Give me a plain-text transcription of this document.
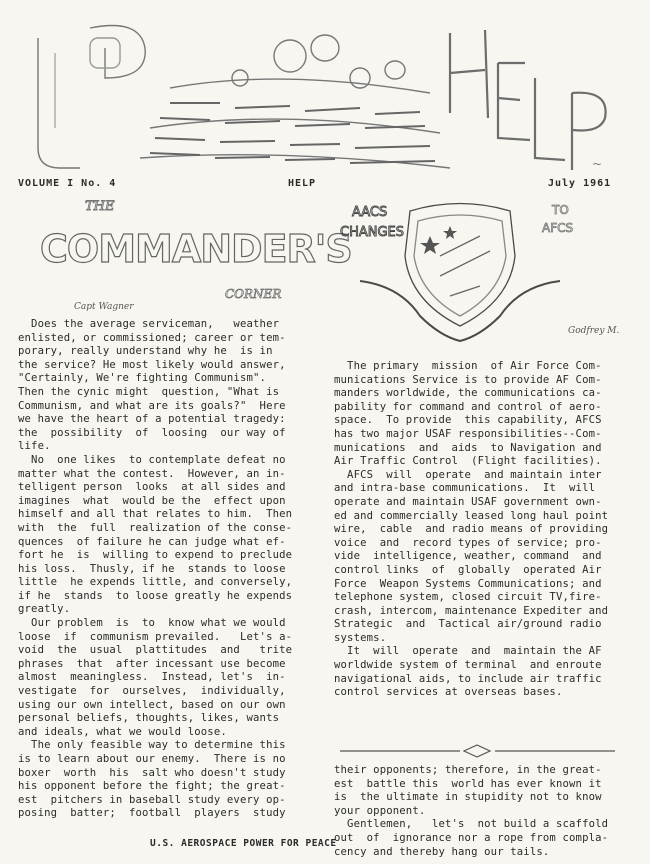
~
VOLUME I No. 4	HELP	July 1961
THE
COMMANDER'S
CORNER
Capt Wagner
AACS
CHANGES
TO
AFCS
Godfrey M.

Does the average serviceman,   weather

enlisted, or commissioned; career or tem-

porary, really understand why he  is in

the service? He most likely would answer,

"Certainly, We're fighting Communism".

Then the cynic might  question, "What is

Communism, and what are its goals?"  Here

we have the heart of a potential tragedy:

the  possibility  of  loosing  our way of

life.

No  one likes  to contemplate defeat no

matter what the contest.  However, an in-

telligent person  looks  at all sides and

imagines  what  would be the  effect upon

himself and all that relates to him.  Then

with  the  full  realization of the conse-

quences  of failure he can judge what ef-

fort he  is  willing to expend to preclude

his loss.  Thusly, if he  stands to loose

little  he expends little, and conversely,

if he  stands  to loose greatly he expends

greatly.

Our problem  is  to  know what we would

loose  if  communism prevailed.   Let's a-

void  the  usual  plattitudes  and   trite

phrases  that  after incessant use become

almost  meaningless.  Instead, let's  in-

vestigate  for  ourselves,  individually,

using our own intellect, based on our own

personal beliefs, thoughts, likes, wants

and ideals, what we would loose.

The only feasible way to determine this

is to learn about our enemy.  There is no

boxer  worth  his  salt who doesn't study

his opponent before the fight; the great-

est  pitchers in baseball study every op-

posing  batter;  football  players  study

The primary  mission  of Air Force Com-

munications Service is to provide AF Com-

manders worldwide, the communications ca-

pability for command and control of aero-

space.  To provide  this capability, AFCS

has two major USAF responsibilities--Com-

munications  and  aids  to Navigation and

Air Traffic Control  (Flight facilities).

AFCS  will  operate  and maintain inter

and intra-base communications.  It  will

operate and maintain USAF government own-

ed and commercially leased long haul point

wire,  cable  and radio means of providing

voice  and  record types of service; pro-

vide  intelligence, weather, command  and

control links  of  globally  operated Air

Force  Weapon Systems Communications; and

telephone system, closed circuit TV,fire-

crash, intercom, maintenance Expediter and

Strategic  and  Tactical air/ground radio

systems.

It  will  operate  and  maintain the AF

worldwide system of terminal  and enroute

navigational aids, to include air traffic

control services at overseas bases.

their opponents; therefore, in the great-

est  battle this  world has ever known it

is  the ultimate in stupidity not to know

your opponent.

Gentlemen,   let's  not build a scaffold

out  of  ignorance nor a rope from compla-

cency and thereby hang our tails.

U.S. AEROSPACE POWER FOR PEACE
